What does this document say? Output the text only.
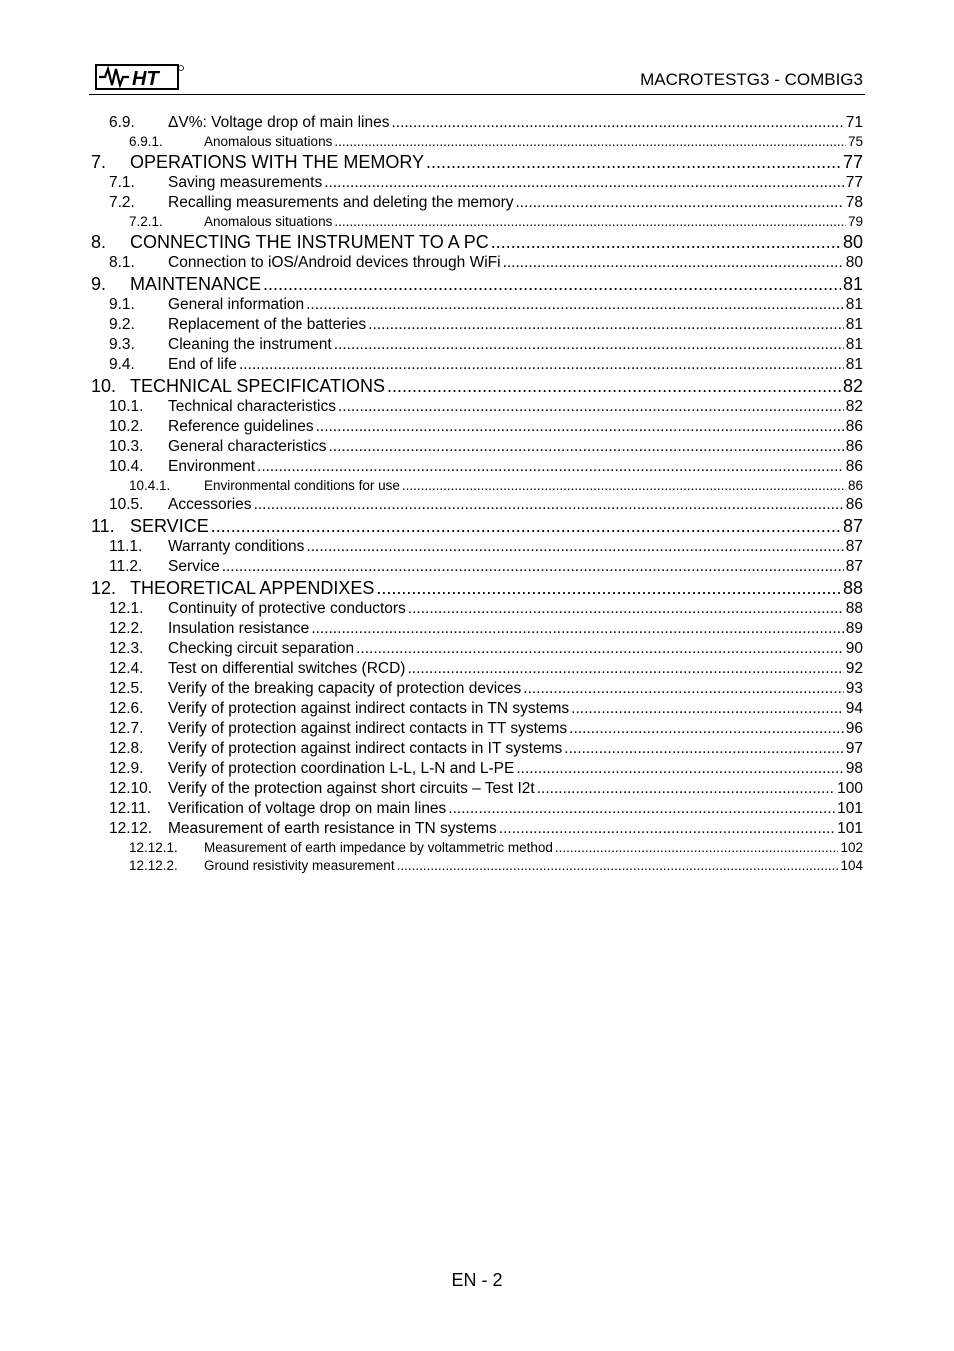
HT	MACROTESTG3 - COMBIG3
6.9.	ΔV%: Voltage drop of main lines .....	71
6.9.1.	Anomalous situations .....	75
7.	OPERATIONS WITH THE MEMORY .....	77
7.1.	Saving measurements .....	77
7.2.	Recalling measurements and deleting the memory .....	78
7.2.1.	Anomalous situations .....	79
8.	CONNECTING THE INSTRUMENT TO A PC .....	80
8.1.	Connection to iOS/Android devices through WiFi .....	80
9.	MAINTENANCE .....	81
9.1.	General information .....	81
9.2.	Replacement of the batteries .....	81
9.3.	Cleaning the instrument .....	81
9.4.	End of life .....	81
10. TECHNICAL SPECIFICATIONS .....	82
10.1.	Technical characteristics .....	82
10.2.	Reference guidelines .....	86
10.3.	General characteristics .....	86
10.4.	Environment .....	86
10.4.1.	Environmental conditions for use .....	86
10.5.	Accessories .....	86
11. SERVICE .....	87
11.1.	Warranty conditions .....	87
11.2.	Service .....	87
12. THEORETICAL APPENDIXES .....	88
12.1.	Continuity of protective conductors .....	88
12.2.	Insulation resistance .....	89
12.3.	Checking circuit separation .....	90
12.4.	Test on differential switches (RCD) .....	92
12.5.	Verify of the breaking capacity of protection devices .....	93
12.6.	Verify of protection against indirect contacts in TN systems .....	94
12.7.	Verify of protection against indirect contacts in TT systems .....	96
12.8.	Verify of protection against indirect contacts in IT systems .....	97
12.9.	Verify of protection coordination L-L, L-N and L-PE .....	98
12.10.	Verify of the protection against short circuits – Test I2t .....	100
12.11.	Verification of voltage drop on main lines .....	101
12.12.	Measurement of earth resistance in TN systems .....	101
12.12.1.	Measurement of earth impedance by voltammetric method .....	102
12.12.2.	Ground resistivity measurement .....	104
EN - 2
